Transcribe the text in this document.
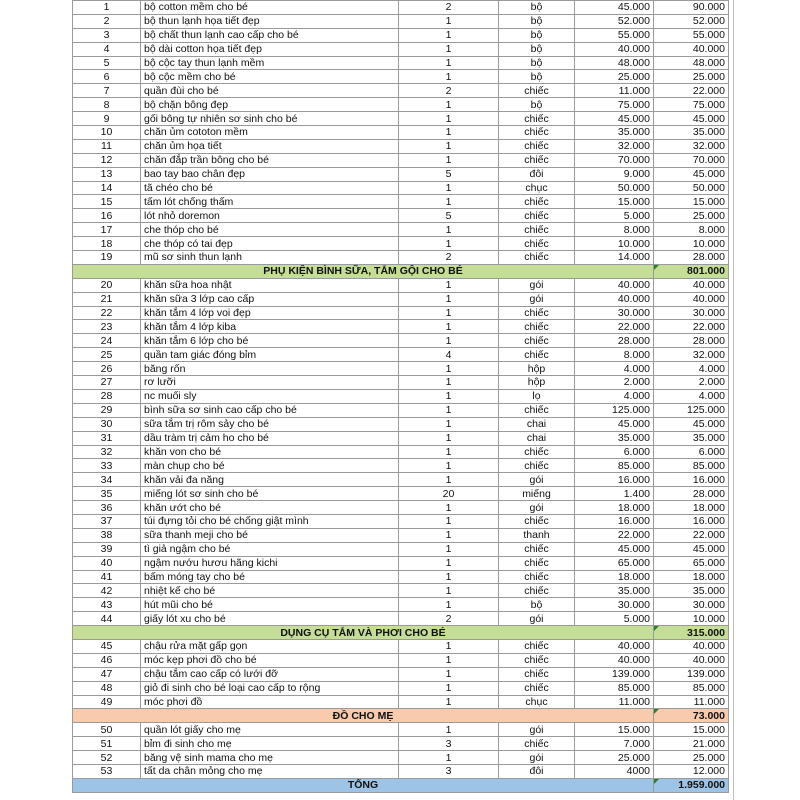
1	bộ cotton mềm cho bé	2	bộ	45.000	90.000
2	bộ thun lạnh họa tiết đẹp	1	bộ	52.000	52.000
3	bộ chất thun lạnh cao cấp cho bé	1	bộ	55.000	55.000
4	bộ dài cotton họa tiết đẹp	1	bộ	40.000	40.000
5	bộ cộc tay thun lạnh mềm	1	bộ	48.000	48.000
6	bộ cộc mềm cho bé	1	bộ	25.000	25.000
7	quần đùi cho bé	2	chiếc	11.000	22.000
8	bộ chặn bông đẹp	1	bộ	75.000	75.000
9	gối bông tự nhiên sơ sinh cho bé	1	chiếc	45.000	45.000
10	chăn ủm cototon mềm	1	chiếc	35.000	35.000
11	chăn ủm họa tiết	1	chiếc	32.000	32.000
12	chăn đắp trần bông cho bé	1	chiếc	70.000	70.000
13	bao tay bao chân đẹp	5	đôi	9.000	45.000
14	tã chéo cho bé	1	chục	50.000	50.000
15	tấm lót chống thấm	1	chiếc	15.000	15.000
16	lót nhỏ doremon	5	chiếc	5.000	25.000
17	che thóp cho bé	1	chiếc	8.000	8.000
18	che thóp có tai đẹp	1	chiếc	10.000	10.000
19	mũ sơ sinh thun lạnh	2	chiếc	14.000	28.000
PHỤ KIỆN BÌNH SỮA, TẮM GỘI CHO BÉ					801.000
20	khăn sữa hoa nhật	1	gói	40.000	40.000
21	khăn sữa 3 lớp cao cấp	1	gói	40.000	40.000
22	khăn tắm 4 lớp voi đẹp	1	chiếc	30.000	30.000
23	khăn tắm 4 lớp kiba	1	chiếc	22.000	22.000
24	khăn tắm 6 lớp cho bé	1	chiếc	28.000	28.000
25	quần tam giác đóng bỉm	4	chiếc	8.000	32.000
26	băng rốn	1	hộp	4.000	4.000
27	rơ lưỡi	1	hộp	2.000	2.000
28	nc muối sly	1	lọ	4.000	4.000
29	bình sữa sơ sinh cao cấp cho bé	1	chiếc	125.000	125.000
30	sữa tắm trị rôm sảy cho bé	1	chai	45.000	45.000
31	dầu tràm trị cảm ho cho bé	1	chai	35.000	35.000
32	khăn von cho bé	1	chiếc	6.000	6.000
33	màn chụp cho bé	1	chiếc	85.000	85.000
34	khăn vải đa năng	1	gói	16.000	16.000
35	miếng lót sơ sinh cho bé	20	miếng	1.400	28.000
36	khăn ướt cho bé	1	gói	18.000	18.000
37	túi đựng tỏi cho bé chống giật mình	1	chiếc	16.000	16.000
38	sữa thanh meji cho bé	1	thanh	22.000	22.000
39	tì giả ngậm cho bé	1	chiếc	45.000	45.000
40	ngậm nướu hươu hãng kichi	1	chiếc	65.000	65.000
41	bấm móng tay cho bé	1	chiếc	18.000	18.000
42	nhiệt kế cho bé	1	chiếc	35.000	35.000
43	hút mũi cho bé	1	bộ	30.000	30.000
44	giấy lót xu cho bé	2	gói	5.000	10.000
DỤNG CỤ TẮM VÀ PHƠI CHO BÉ					315.000
45	chậu rửa mặt gấp gọn	1	chiếc	40.000	40.000
46	móc kẹp phơi đồ cho bé	1	chiếc	40.000	40.000
47	chậu tắm cao cấp có lưới đỡ	1	chiếc	139.000	139.000
48	giỏ đi sinh cho bé loại cao cấp to rộng	1	chiếc	85.000	85.000
49	móc phơi đồ	1	chục	11.000	11.000
ĐỒ CHO MẸ					73.000
50	quần lót giấy cho mẹ	1	gói	15.000	15.000
51	bỉm đi sinh cho mẹ	3	chiếc	7.000	21.000
52	băng vệ sinh mama cho mẹ	1	gói	25.000	25.000
53	tất da chân mỏng cho mẹ	3	đôi	4000	12.000
TỔNG					1.959.000
